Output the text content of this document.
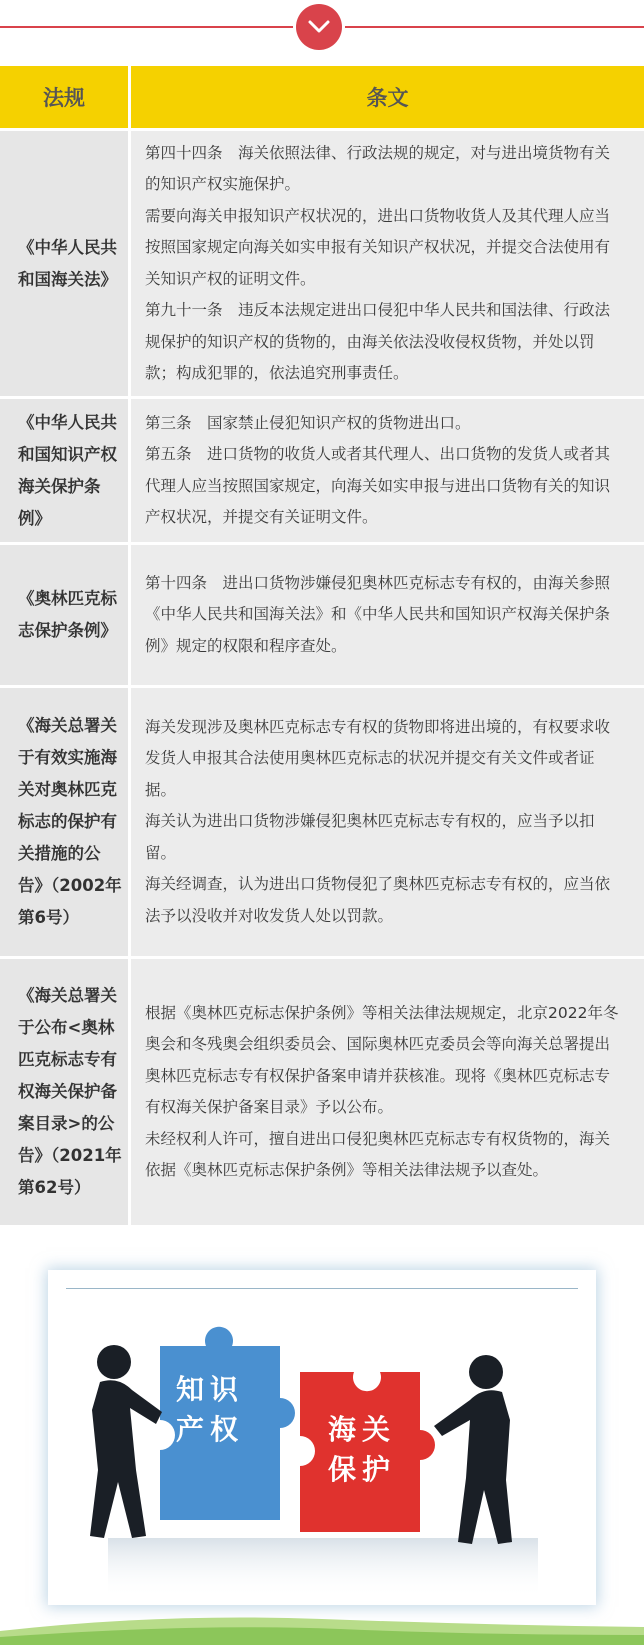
法规	条文

《中华人民共和国海关法》	第四十四条　海关依照法律、行政法规的规定，对与进出境货物有关的知识产权实施保护。

需要向海关申报知识产权状况的，进出口货物收货人及其代理人应当按照国家规定向海关如实申报有关知识产权状况，并提交合法使用有关知识产权的证明文件。

第九十一条　违反本法规定进出口侵犯中华人民共和国法律、行政法规保护的知识产权的货物的，由海关依法没收侵权货物，并处以罚款；构成犯罪的，依法追究刑事责任。

《中华人民共和国知识产权海关保护条例》	第三条　国家禁止侵犯知识产权的货物进出口。

第五条　进口货物的收货人或者其代理人、出口货物的发货人或者其代理人应当按照国家规定，向海关如实申报与进出口货物有关的知识产权状况，并提交有关证明文件。

《奥林匹克标志保护条例》	第十四条　进出口货物涉嫌侵犯奥林匹克标志专有权的，由海关参照《中华人民共和国海关法》和《中华人民共和国知识产权海关保护条例》规定的权限和程序查处。

《海关总署关于有效实施海关对奥林匹克标志的保护有关措施的公告》（2002年第6号）	海关发现涉及奥林匹克标志专有权的货物即将进出境的，有权要求收发货人申报其合法使用奥林匹克标志的状况并提交有关文件或者证据。

海关认为进出口货物涉嫌侵犯奥林匹克标志专有权的，应当予以扣留。

海关经调查，认为进出口货物侵犯了奥林匹克标志专有权的，应当依法予以没收并对收发货人处以罚款。

《海关总署关于公布<奥林匹克标志专有权海关保护备案目录>的公告》（2021年第62号）	根据《奥林匹克标志保护条例》等相关法律法规规定，北京2022年冬奥会和冬残奥会组织委员会、国际奥林匹克委员会等向海关总署提出奥林匹克标志专有权保护备案申请并获核准。现将《奥林匹克标志专有权海关保护备案目录》予以公布。

未经权利人许可，擅自进出口侵犯奥林匹克标志专有权货物的，海关依据《奥林匹克标志保护条例》等相关法律法规予以查处。

知识
产权	海关
保护
